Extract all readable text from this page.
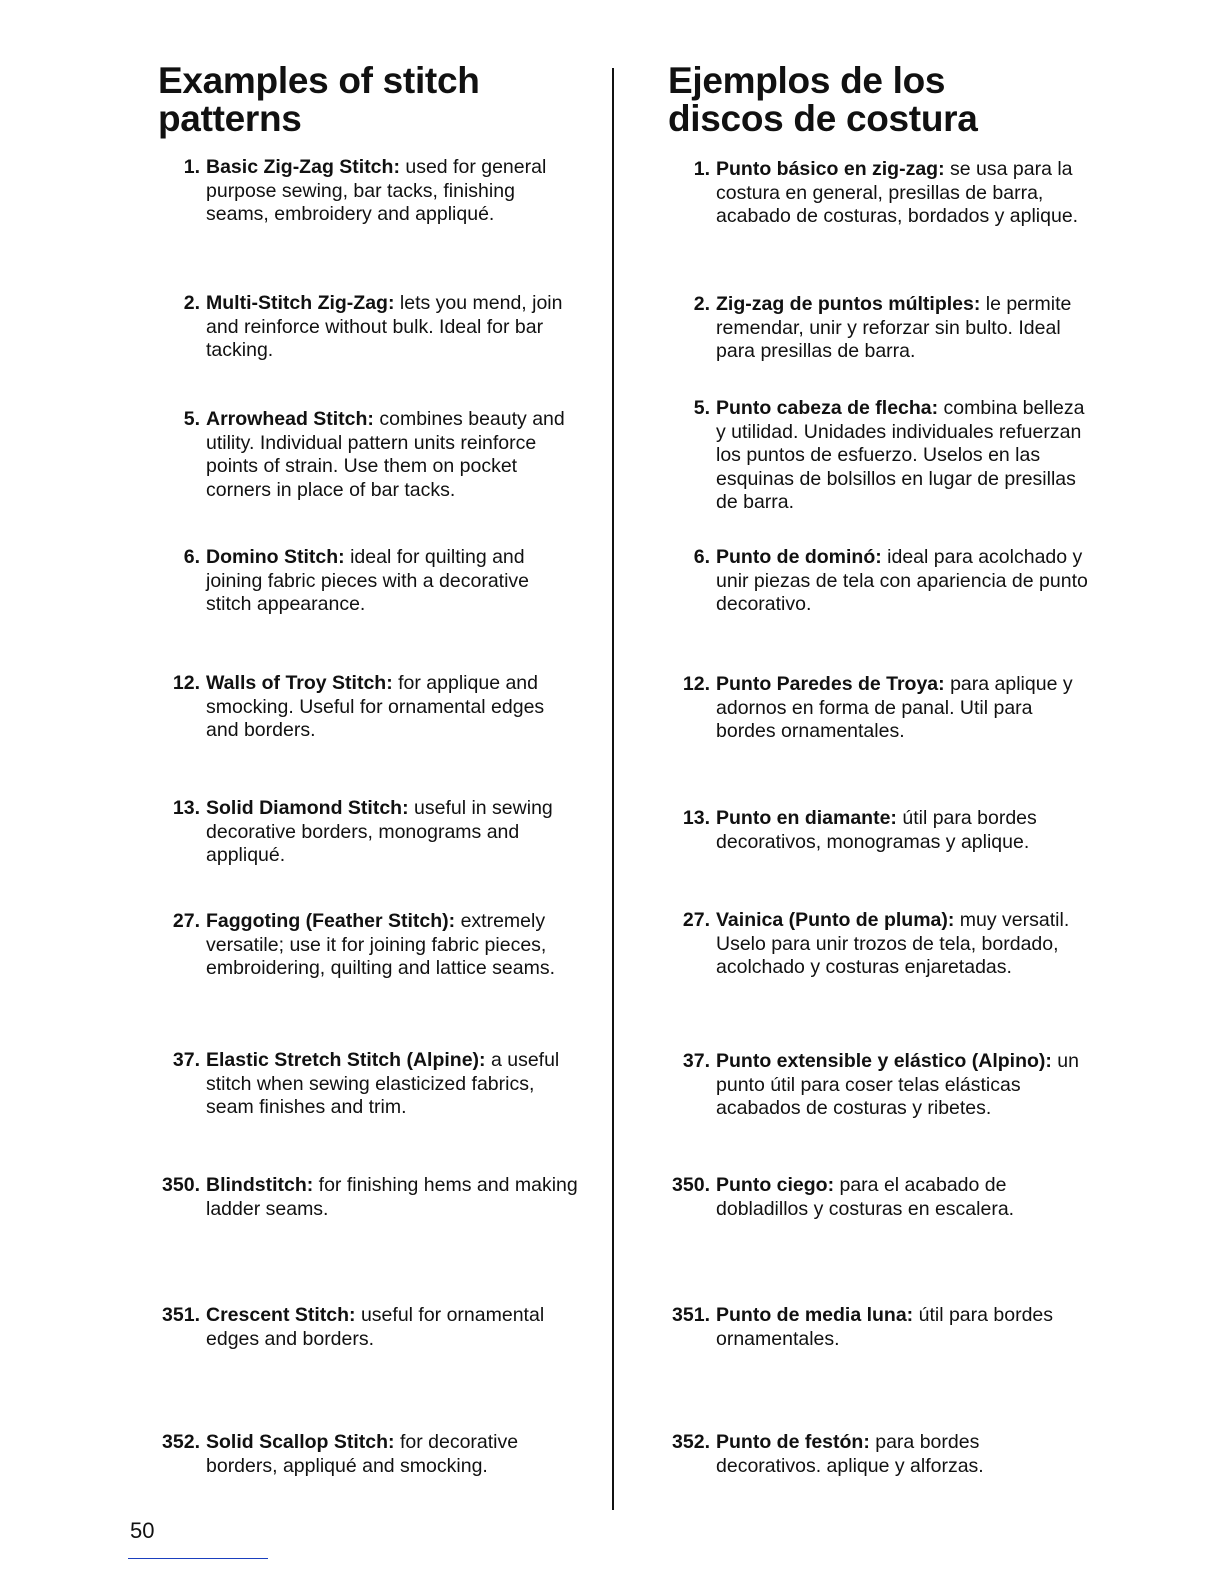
Examples of stitch patterns
1. Basic Zig-Zag Stitch: used for general purpose sewing, bar tacks, finishing seams, embroidery and appliqué.
2. Multi-Stitch Zig-Zag: lets you mend, join and reinforce without bulk. Ideal for bar tacking.
5. Arrowhead Stitch: combines beauty and utility. Individual pattern units reinforce points of strain. Use them on pocket corners in place of bar tacks.
6. Domino Stitch: ideal for quilting and joining fabric pieces with a decorative stitch appearance.
12. Walls of Troy Stitch: for applique and smocking. Useful for ornamental edges and borders.
13. Solid Diamond Stitch: useful in sewing decorative borders, monograms and appliqué.
27. Faggoting (Feather Stitch): extremely versatile; use it for joining fabric pieces, embroidering, quilting and lattice seams.
37. Elastic Stretch Stitch (Alpine): a useful stitch when sewing elasticized fabrics, seam finishes and trim.
350. Blindstitch: for finishing hems and making ladder seams.
351. Crescent Stitch: useful for ornamental edges and borders.
352. Solid Scallop Stitch: for decorative borders, appliqué and smocking.
Ejemplos de los discos de costura
1. Punto básico en zig-zag: se usa para la costura en general, presillas de barra, acabado de costuras, bordados y aplique.
2. Zig-zag de puntos múltiples: le permite remendar, unir y reforzar sin bulto. Ideal para presillas de barra.
5. Punto cabeza de flecha: combina belleza y utilidad. Unidades individuales refuerzan los puntos de esfuerzo. Uselos en las esquinas de bolsillos en lugar de presillas de barra.
6. Punto de dominó: ideal para acolchado y unir piezas de tela con apariencia de punto decorativo.
12. Punto Paredes de Troya: para aplique y adornos en forma de panal. Util para bordes ornamentales.
13. Punto en diamante: útil para bordes decorativos, monogramas y aplique.
27. Vainica (Punto de pluma): muy versatil. Uselo para unir trozos de tela, bordado, acolchado y costuras enjaretadas.
37. Punto extensible y elástico (Alpino): un punto útil para coser telas elásticas acabados de costuras y ribetes.
350. Punto ciego: para el acabado de dobladillos y costuras en escalera.
351. Punto de media luna: útil para bordes ornamentales.
352. Punto de festón: para bordes decorativos. aplique y alforzas.
50
